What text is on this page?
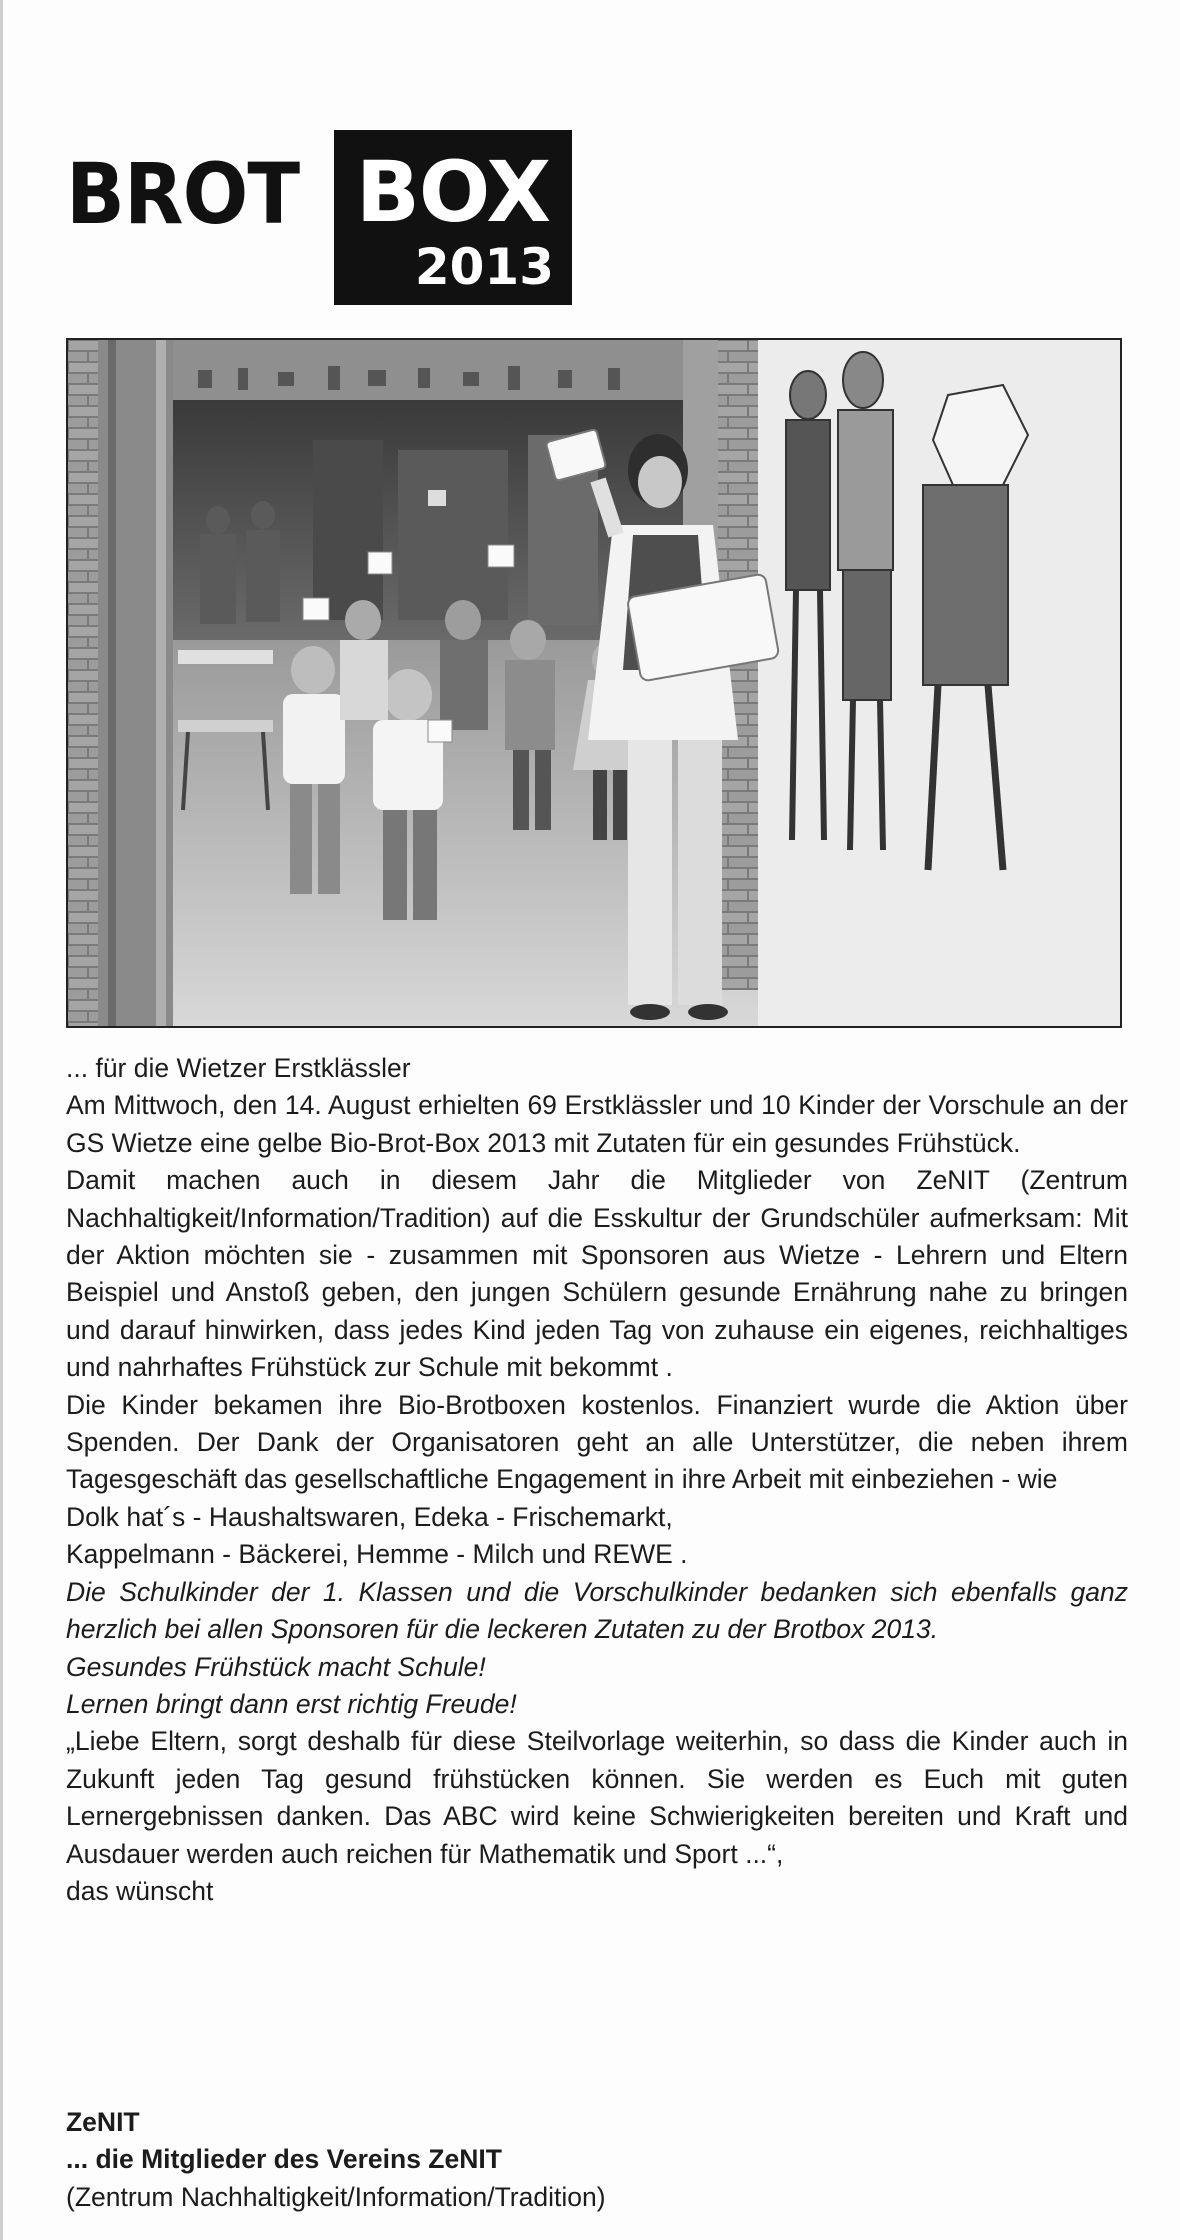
BROT BOX
2013

... für die Wietzer Erstklässler

Am Mittwoch, den 14. August erhielten 69 Erstklässler und 10 Kinder der Vorschule an der GS Wietze eine gelbe Bio-Brot-Box 2013 mit Zutaten für ein gesundes Frühstück.

Damit machen auch in diesem Jahr die Mitglieder von ZeNIT (Zentrum Nachhaltigkeit/Information/Tradition) auf die Esskultur der Grundschüler aufmerksam: Mit der Aktion möchten sie - zusammen mit Sponsoren aus Wietze - Lehrern und Eltern Beispiel und Anstoß geben, den jungen Schülern gesunde Ernährung nahe zu bringen und darauf hinwirken, dass jedes Kind jeden Tag von zuhause ein eigenes, reichhaltiges und nahrhaftes Frühstück zur Schule mit bekommt .

Die Kinder bekamen ihre Bio-Brotboxen kostenlos. Finanziert wurde die Aktion über Spenden. Der Dank der Organisatoren geht an alle Unterstützer, die neben ihrem Tagesgeschäft das gesellschaftliche Engagement in ihre Arbeit mit einbeziehen - wie

Dolk hat´s - Haushaltswaren, Edeka - Frischemarkt,

Kappelmann - Bäckerei, Hemme - Milch und REWE .

Die Schulkinder der 1. Klassen und die Vorschulkinder bedanken sich ebenfalls ganz herzlich bei allen Sponsoren für die leckeren Zutaten zu der Brotbox 2013.

Gesundes Frühstück macht Schule!

Lernen bringt dann erst richtig Freude!

„Liebe Eltern, sorgt deshalb für diese Steilvorlage weiterhin, so dass die Kinder auch in Zukunft jeden Tag gesund frühstücken können. Sie werden es Euch mit guten Lernergebnissen danken. Das ABC wird keine Schwierigkeiten bereiten und Kraft und Ausdauer werden auch reichen für Mathematik und Sport ...“,

das wünscht

ZeNIT
... die Mitglieder des Vereins ZeNIT
(Zentrum Nachhaltigkeit/Information/Tradition)
